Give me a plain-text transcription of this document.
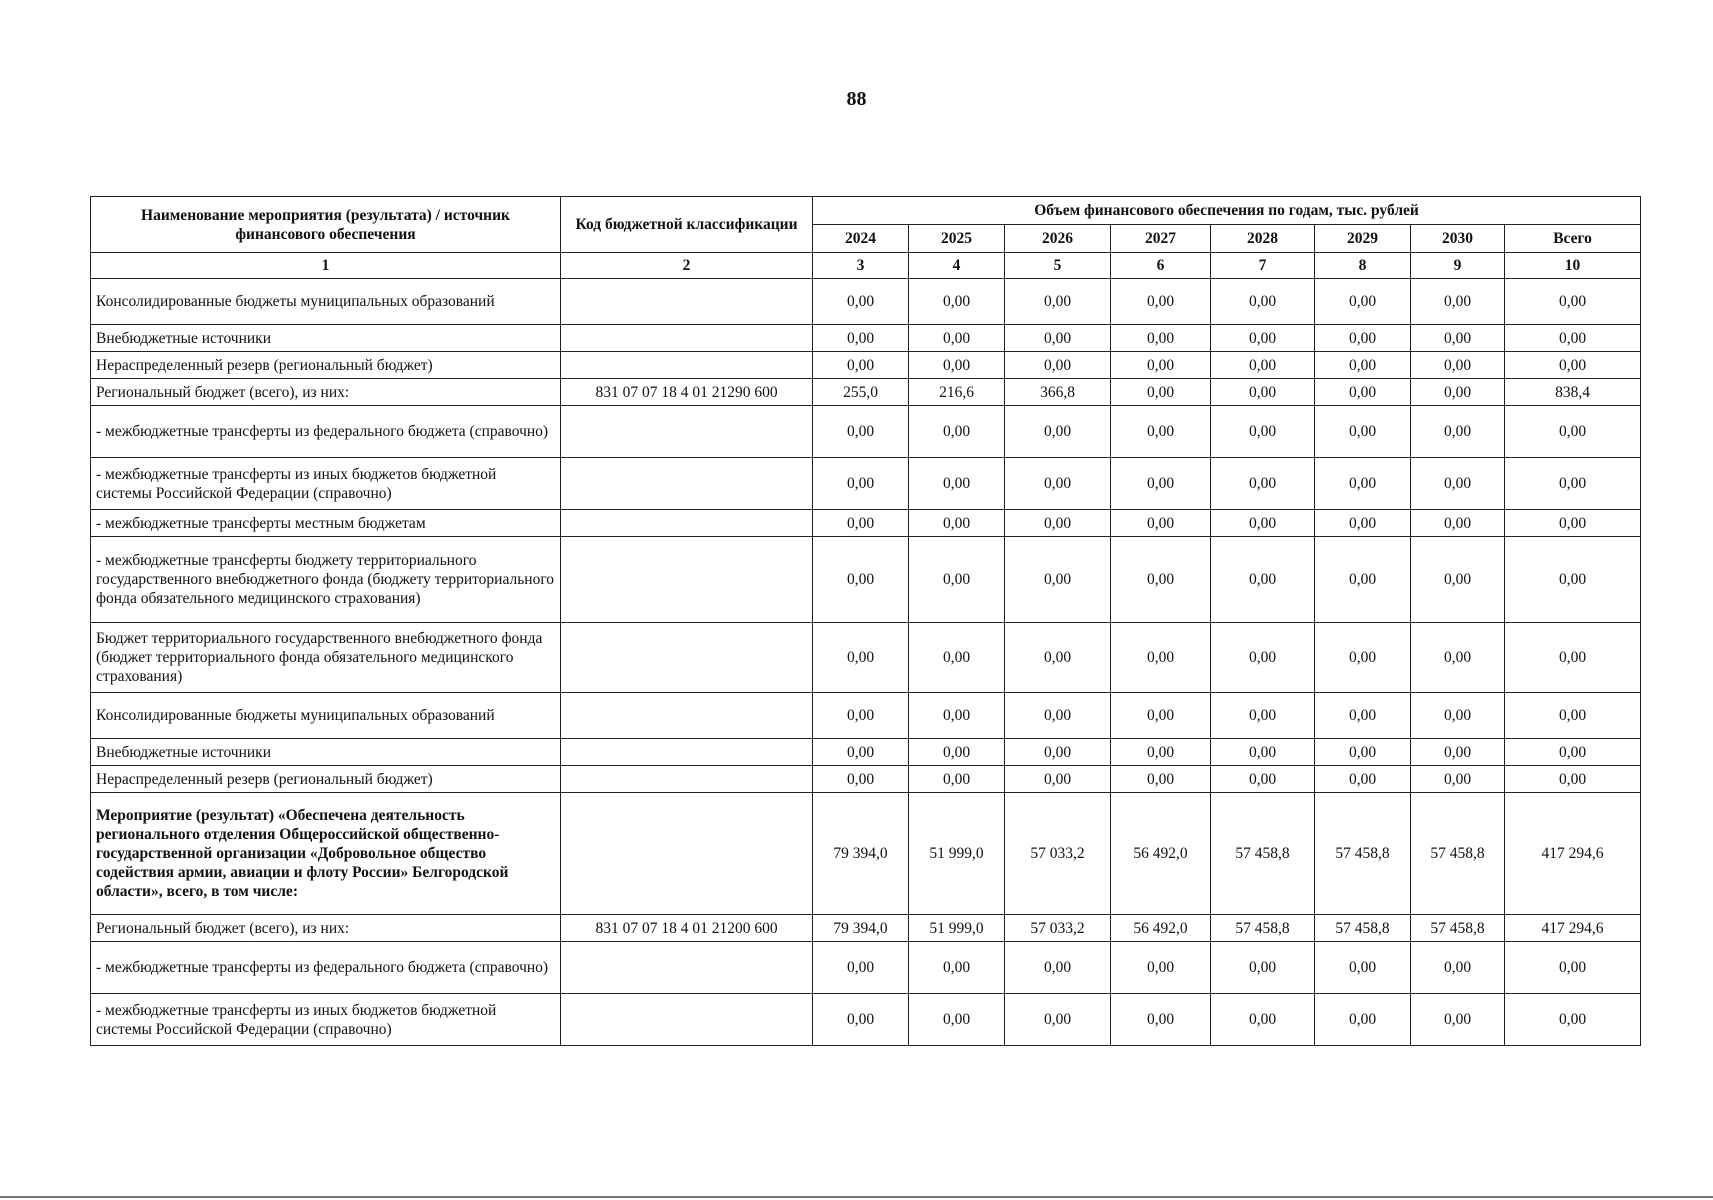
88
Наименование мероприятия (результата) / источник финансового обеспечения	Код бюджетной классификации	Объем финансового обеспечения по годам, тыс. рублей							
		2024	2025	2026	2027	2028	2029	2030	Всего
1	2	3	4	5	6	7	8	9	10
Консолидированные бюджеты муниципальных образований		0,00	0,00	0,00	0,00	0,00	0,00	0,00	0,00
Внебюджетные источники		0,00	0,00	0,00	0,00	0,00	0,00	0,00	0,00
Нераспределенный резерв (региональный бюджет)		0,00	0,00	0,00	0,00	0,00	0,00	0,00	0,00
Региональный бюджет (всего), из них:	831 07 07 18 4 01 21290 600	255,0	216,6	366,8	0,00	0,00	0,00	0,00	838,4
- межбюджетные трансферты из федерального бюджета (справочно)		0,00	0,00	0,00	0,00	0,00	0,00	0,00	0,00
- межбюджетные трансферты из иных бюджетов бюджетной системы Российской Федерации (справочно)		0,00	0,00	0,00	0,00	0,00	0,00	0,00	0,00
- межбюджетные трансферты местным бюджетам		0,00	0,00	0,00	0,00	0,00	0,00	0,00	0,00
- межбюджетные трансферты бюджету территориального государственного внебюджетного фонда (бюджету территориального фонда обязательного медицинского страхования)		0,00	0,00	0,00	0,00	0,00	0,00	0,00	0,00
Бюджет территориального государственного внебюджетного фонда (бюджет территориального фонда обязательного медицинского страхования)		0,00	0,00	0,00	0,00	0,00	0,00	0,00	0,00
Консолидированные бюджеты муниципальных образований		0,00	0,00	0,00	0,00	0,00	0,00	0,00	0,00
Внебюджетные источники		0,00	0,00	0,00	0,00	0,00	0,00	0,00	0,00
Нераспределенный резерв (региональный бюджет)		0,00	0,00	0,00	0,00	0,00	0,00	0,00	0,00
Мероприятие (результат) «Обеспечена деятельность регионального отделения Общероссийской общественно-государственной организации «Добровольное общество содействия армии, авиации и флоту России» Белгородской области», всего, в том числе:		79 394,0	51 999,0	57 033,2	56 492,0	57 458,8	57 458,8	57 458,8	417 294,6
Региональный бюджет (всего), из них:	831 07 07 18 4 01 21200 600	79 394,0	51 999,0	57 033,2	56 492,0	57 458,8	57 458,8	57 458,8	417 294,6
- межбюджетные трансферты из федерального бюджета (справочно)		0,00	0,00	0,00	0,00	0,00	0,00	0,00	0,00
- межбюджетные трансферты из иных бюджетов бюджетной системы Российской Федерации (справочно)		0,00	0,00	0,00	0,00	0,00	0,00	0,00	0,00
